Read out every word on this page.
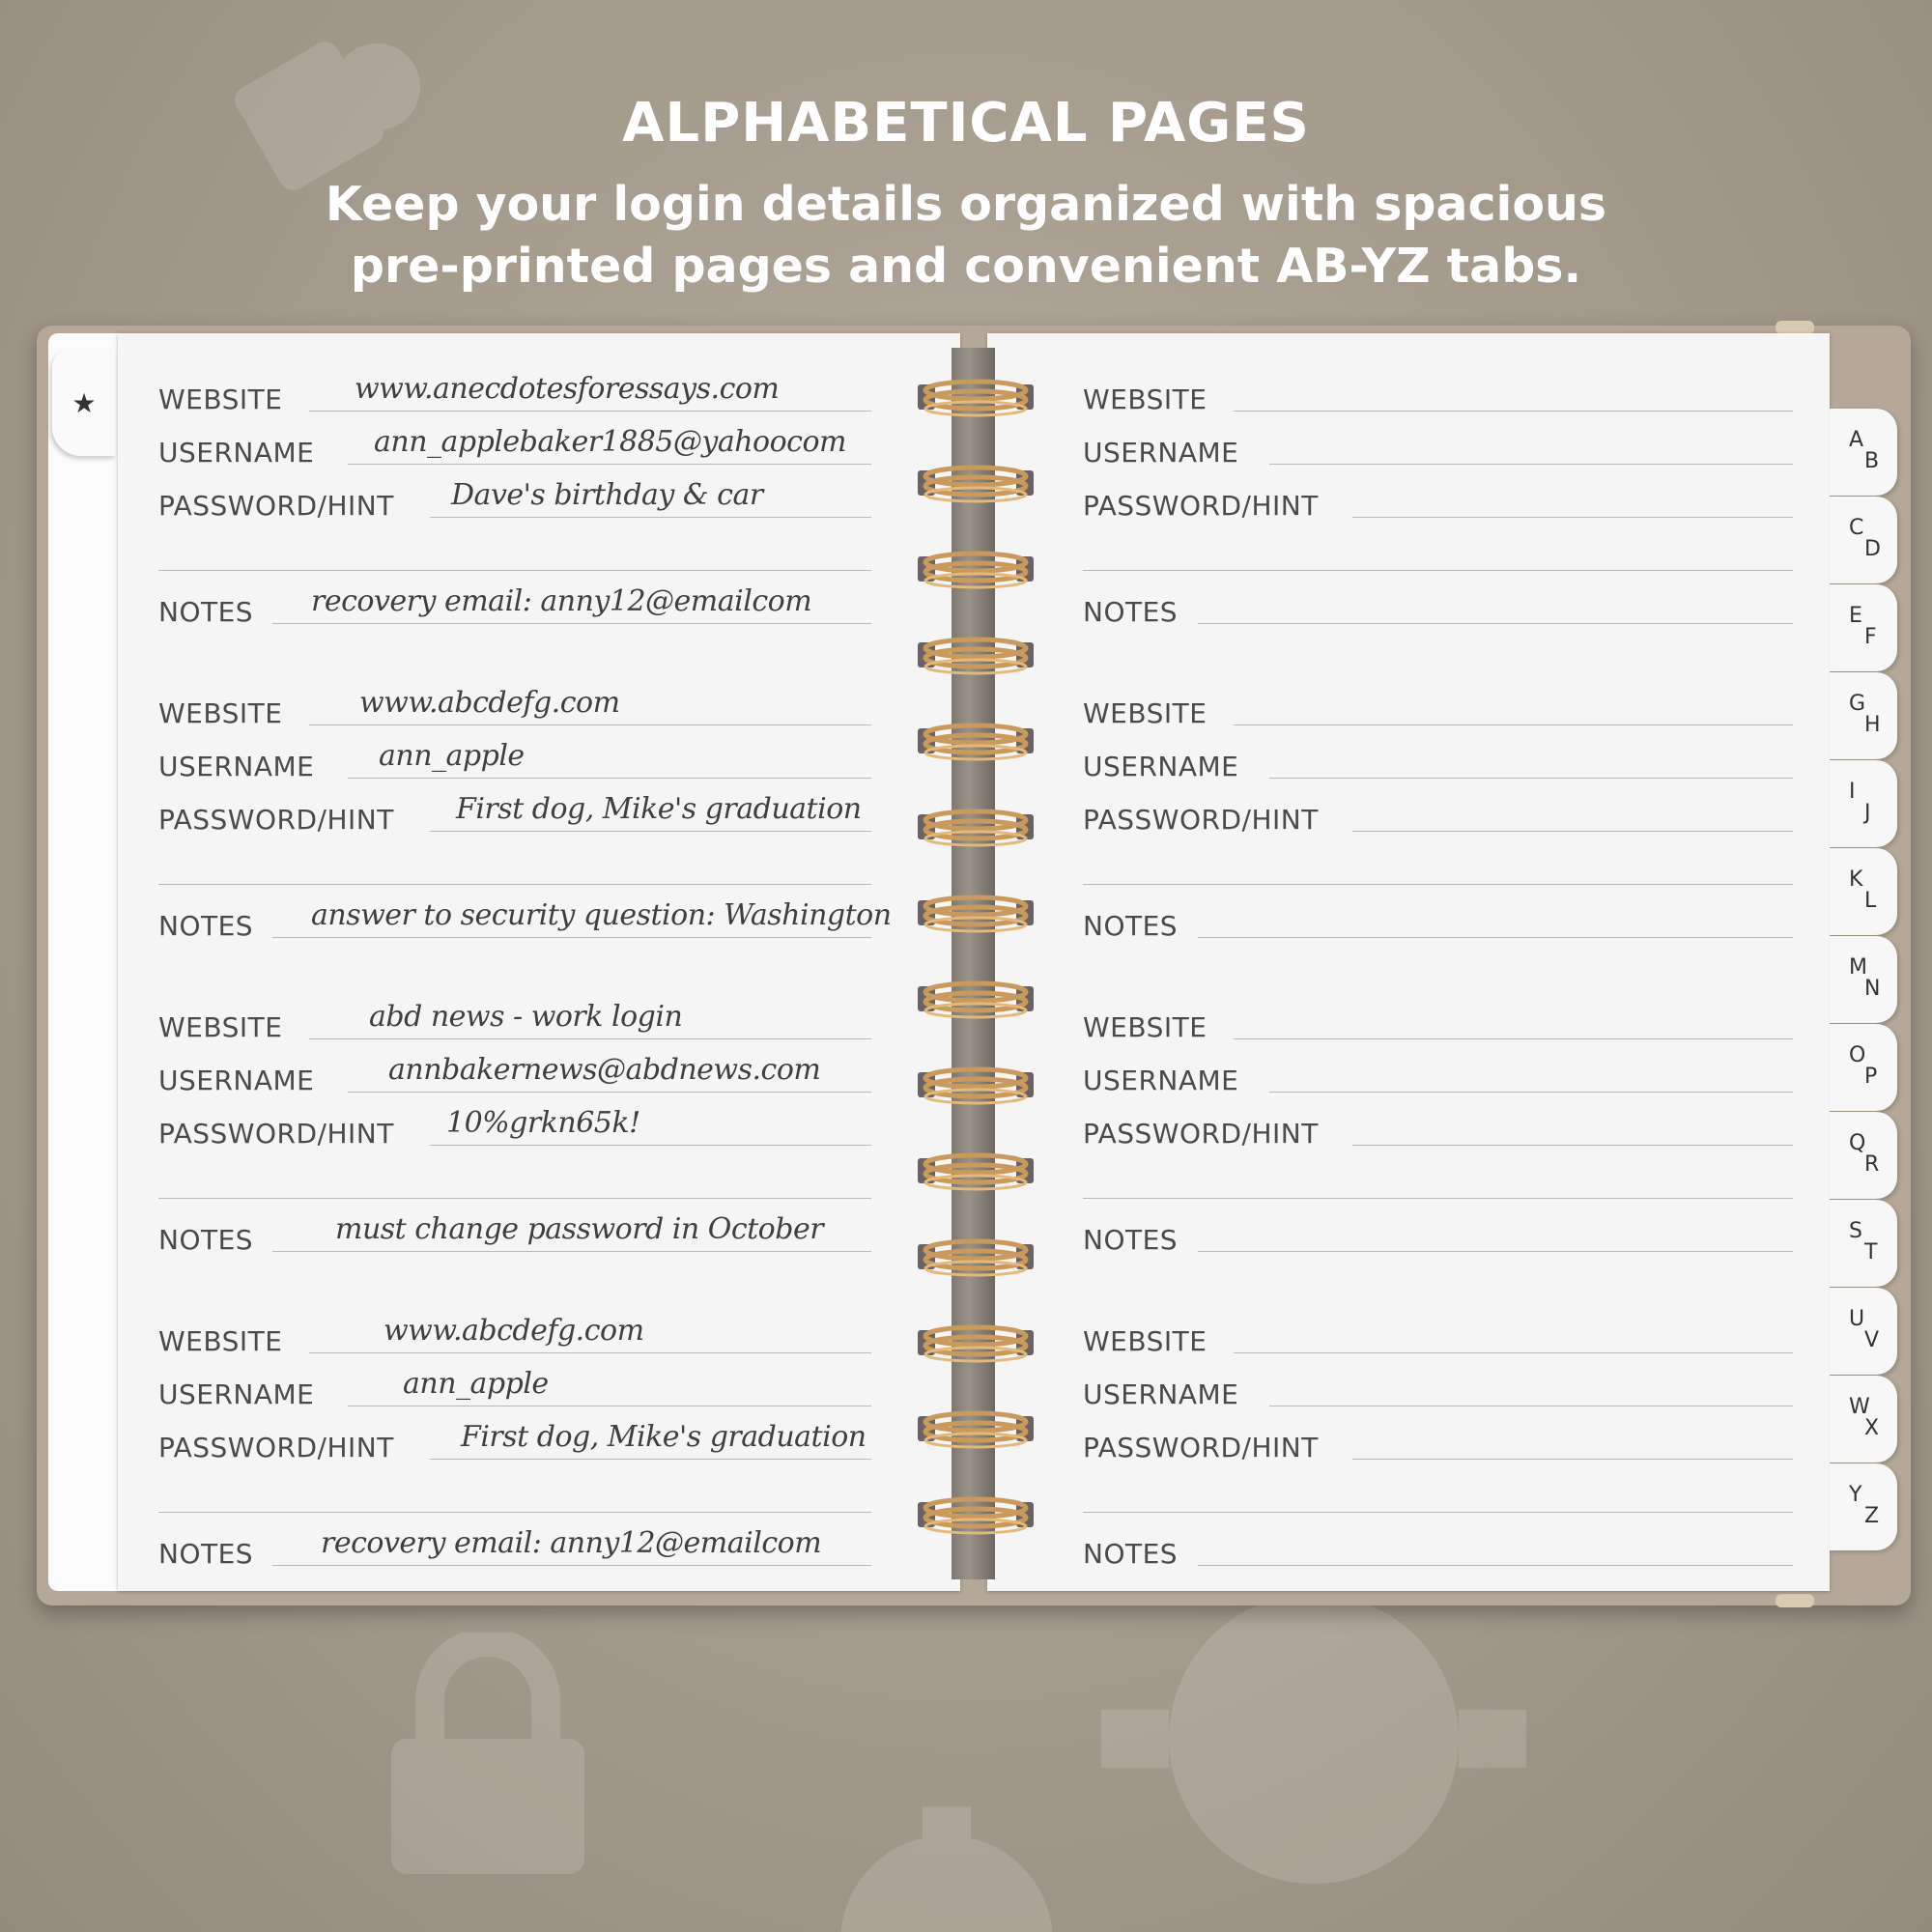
ALPHABETICAL PAGES
Keep your login details organized with spacious
pre-printed pages and convenient AB-YZ tabs.
★ WEBSITE www.anecdotesforessays.com
USERNAME ann_applebaker1885@yahoocom
PASSWORD/HINT Dave's birthday & car
NOTES recovery email: anny12@emailcom
WEBSITE	www.abcdefg.com
USERNAME ann_apple
PASSWORD/HINT First dog, Mike's graduation
NOTES answer to security question: Washington
WEBSITE	abd news - work login
USERNAME	annbakernews@abdnews.com
PASSWORD/HINT 10%grkn65k!
NOTES	must change password in October
WEBSITE	www.abcdefg.com
USERNAME	ann_apple
PASSWORD/HINT First dog, Mike's graduation
NOTES recovery email: anny12@emailcom
WEBSITE
USERNAME
PASSWORD/HINT
NOTES
WEBSITE
USERNAME
PASSWORD/HINT
NOTES
WEBSITE
USERNAME
PASSWORD/HINT
NOTES
WEBSITE
USERNAME
PASSWORD/HINT
NOTES
A
B
C
D
E
F
G
H
I
J
K
L
M
N
O
P
Q
R
S
T
U
V
W
X
Y
Z
